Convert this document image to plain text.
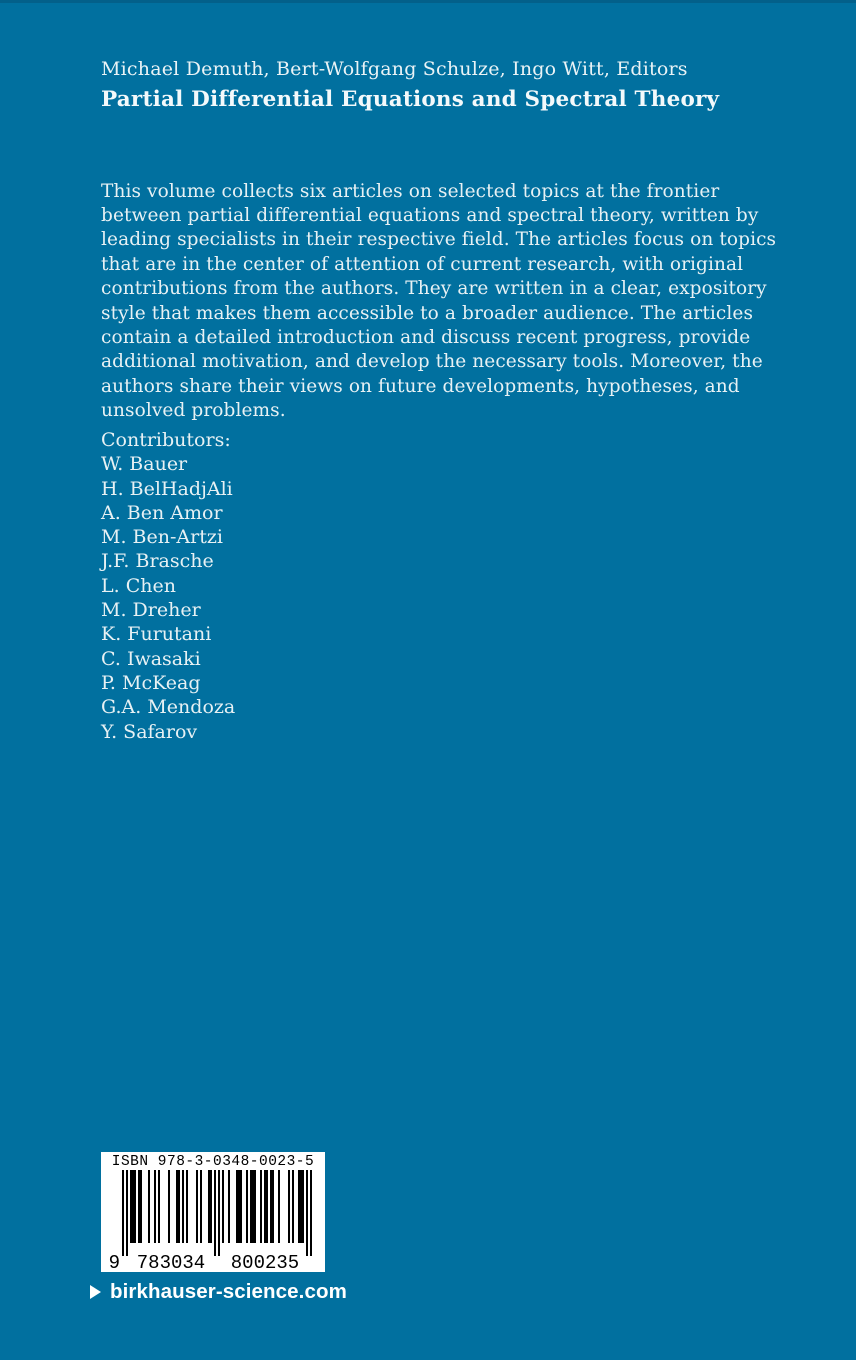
Michael Demuth, Bert-Wolfgang Schulze, Ingo Witt, Editors
Partial Differential Equations and Spectral Theory

This volume collects six articles on selected topics at the frontier between partial differential equations and spectral theory, written by leading specialists in their respective field. The articles focus on topics that are in the center of attention of current research, with original contributions from the authors. They are written in a clear, expository style that makes them accessible to a broader audience. The articles contain a detailed introduction and discuss recent progress, provide additional motivation, and develop the necessary tools. Moreover, the authors share their views on future developments, hypotheses, and unsolved problems.

Contributors:

W. Bauer
H. BelHadjAli
A. Ben Amor
M. Ben-Artzi
J.F. Brasche
L. Chen
M. Dreher
K. Furutani
C. Iwasaki
P. McKeag
G.A. Mendoza
Y. Safarov
ISBN 978-3-0348-0023-5
9 783034 800235
birkhauser-science.com
